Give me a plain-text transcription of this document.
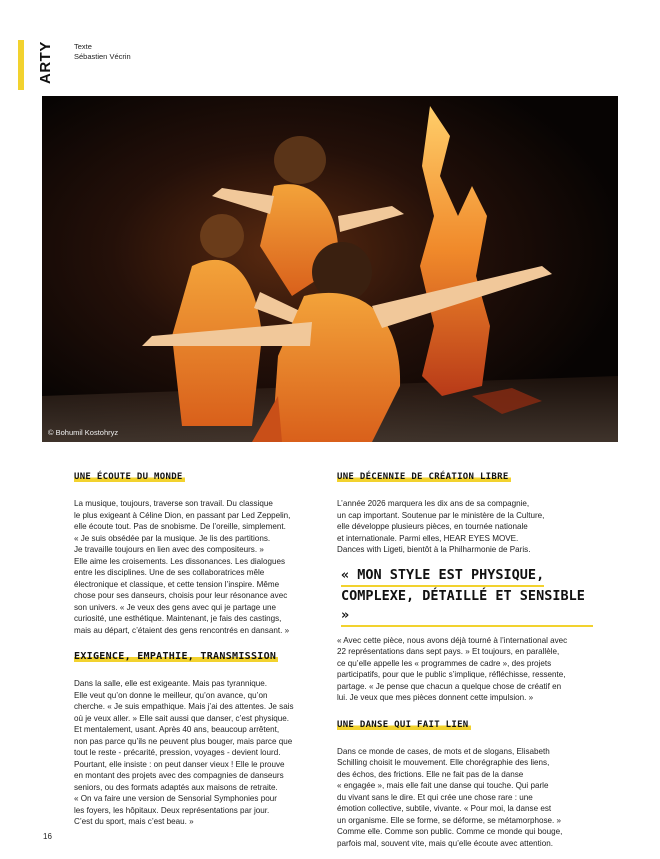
ARTY	Texte
Sébastien Vécrin
© Bohumil Kostohryz
UNE ÉCOUTE DU MONDE

La musique, toujours, traverse son travail. Du classique
le plus exigeant à Céline Dion, en passant par Led Zeppelin,
elle écoute tout. Pas de snobisme. De l’oreille, simplement.
« Je suis obsédée par la musique. Je lis des partitions.
Je travaille toujours en lien avec des compositeurs. »
Elle aime les croisements. Les dissonances. Les dialogues
entre les disciplines. Une de ses collaboratrices mêle
électronique et classique, et cette tension l’inspire. Même
chose pour ses danseurs, choisis pour leur résonance avec
son univers. « Je veux des gens avec qui je partage une
curiosité, une esthétique. Maintenant, je fais des castings,
mais au départ, c’étaient des gens rencontrés en dansant. »

EXIGENCE, EMPATHIE, TRANSMISSION

Dans la salle, elle est exigeante. Mais pas tyrannique.
Elle veut qu’on donne le meilleur, qu’on avance, qu’on
cherche. « Je suis empathique. Mais j’ai des attentes. Je sais
où je veux aller. » Elle sait aussi que danser, c’est physique.
Et mentalement, usant. Après 40 ans, beaucoup arrêtent,
non pas parce qu’ils ne peuvent plus bouger, mais parce que
tout le reste - précarité, pression, voyages - devient lourd.
Pourtant, elle insiste : on peut danser vieux ! Elle le prouve
en montant des projets avec des compagnies de danseurs
seniors, ou des formats adaptés aux maisons de retraite.
« On va faire une version de Sensorial Symphonies pour
les foyers, les hôpitaux. Deux représentations par jour.
C’est du sport, mais c’est beau. »

UNE DÉCENNIE DE CRÉATION LIBRE

L’année 2026 marquera les dix ans de sa compagnie,
un cap important. Soutenue par le ministère de la Culture,
elle développe plusieurs pièces, en tournée nationale
et internationale. Parmi elles, HEAR EYES MOVE.
Dances with Ligeti, bientôt à la Philharmonie de Paris.

« MON STYLE EST PHYSIQUE,
COMPLEXE, DÉTAILLÉ ET SENSIBLE »

« Avec cette pièce, nous avons déjà tourné à l’international avec
22 représentations dans sept pays. » Et toujours, en parallèle,
ce qu’elle appelle les « programmes de cadre », des projets
participatifs, pour que le public s’implique, réfléchisse, ressente,
partage. « Je pense que chacun a quelque chose de créatif en
lui. Je veux que mes pièces donnent cette impulsion. »

UNE DANSE QUI FAIT LIEN

Dans ce monde de cases, de mots et de slogans, Elisabeth
Schilling choisit le mouvement. Elle chorégraphie des liens,
des échos, des frictions. Elle ne fait pas de la danse
« engagée », mais elle fait une danse qui touche. Qui parle
du vivant sans le dire. Et qui crée une chose rare : une
émotion collective, subtile, vivante. « Pour moi, la danse est
un organisme. Elle se forme, se déforme, se métamorphose. »
Comme elle. Comme son public. Comme ce monde qui bouge,
parfois mal, souvent vite, mais qu’elle écoute avec attention.

16
